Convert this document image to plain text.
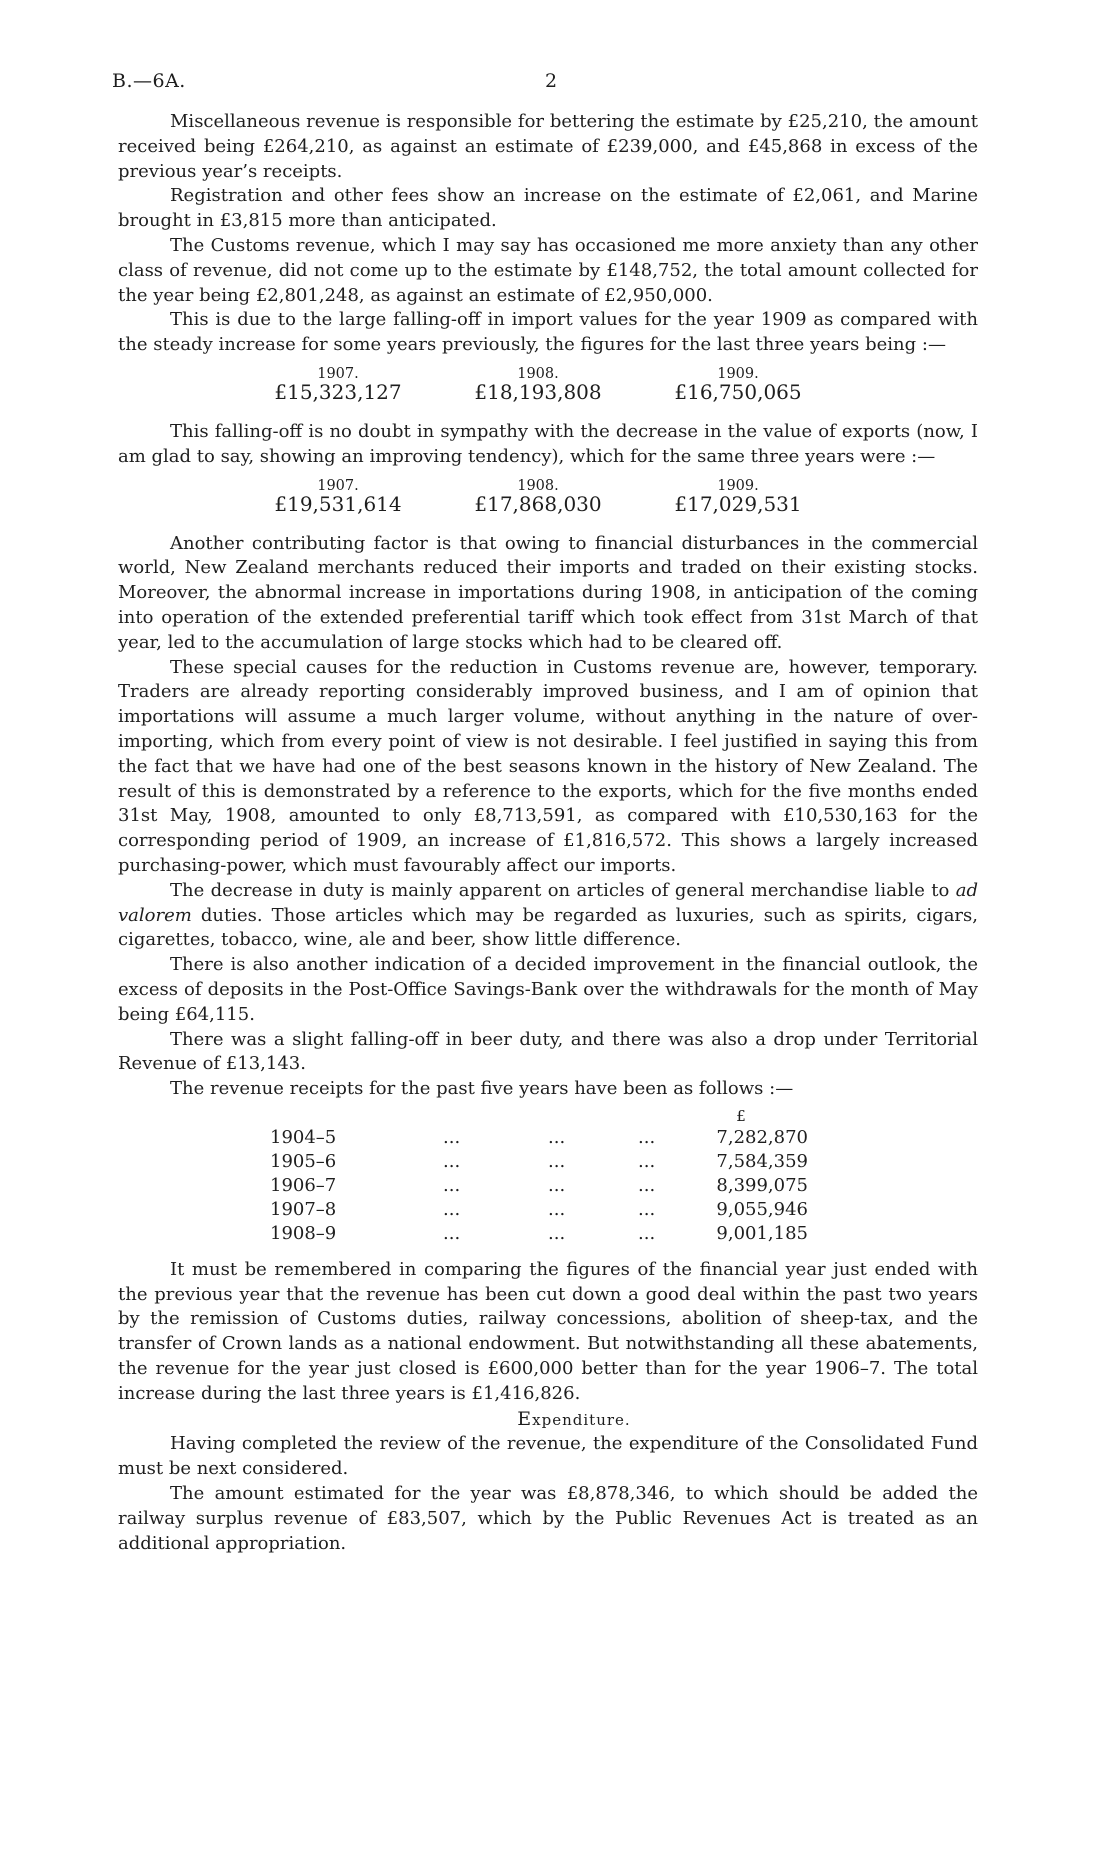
B.—6A.	2

Miscellaneous revenue is responsible for bettering the estimate by £25,210, the amount received being £264,210, as against an estimate of £239,000, and £45,868 in excess of the previous year’s receipts.

Registration and other fees show an increase on the estimate of £2,061, and Marine brought in £3,815 more than anticipated.

The Customs revenue, which I may say has occasioned me more anxiety than any other class of revenue, did not come up to the estimate by £148,752, the total amount collected for the year being £2,801,248, as against an estimate of £2,950,000.

This is due to the large falling-off in import values for the year 1909 as compared with the steady increase for some years previously, the figures for the last three years being :—

1907.	1908.	1909.
£15,323,127	£18,193,808	£16,750,065

This falling-off is no doubt in sympathy with the decrease in the value of exports (now, I am glad to say, showing an improving tendency), which for the same three years were :—

1907.	1908.	1909.
£19,531,614	£17,868,030	£17,029,531

Another contributing factor is that owing to financial disturbances in the commercial world, New Zealand merchants reduced their imports and traded on their existing stocks. Moreover, the abnormal increase in importations during 1908, in anticipation of the coming into operation of the extended preferential tariff which took effect from 31st March of that year, led to the accumulation of large stocks which had to be cleared off.

These special causes for the reduction in Customs revenue are, however, temporary. Traders are already reporting considerably improved business, and I am of opinion that importations will assume a much larger volume, without anything in the nature of over-importing, which from every point of view is not desirable. I feel justified in saying this from the fact that we have had one of the best seasons known in the history of New Zealand. The result of this is demonstrated by a reference to the exports, which for the five months ended 31st May, 1908, amounted to only £8,713,591, as compared with £10,530,163 for the corresponding period of 1909, an increase of £1,816,572. This shows a largely increased purchasing-power, which must favourably affect our imports.

The decrease in duty is mainly apparent on articles of general merchandise liable to ad valorem duties. Those articles which may be regarded as luxuries, such as spirits, cigars, cigarettes, tobacco, wine, ale and beer, show little difference.

There is also another indication of a decided improvement in the financial outlook, the excess of deposits in the Post-Office Savings-Bank over the withdrawals for the month of May being £64,115.

There was a slight falling-off in beer duty, and there was also a drop under Territorial Revenue of £13,143.

The revenue receipts for the past five years have been as follows :—

£
1904–5	...	...	...	7,282,870
1905–6	...	...	...	7,584,359
1906–7	...	...	...	8,399,075
1907–8	...	...	...	9,055,946
1908–9	...	...	...	9,001,185

It must be remembered in comparing the figures of the financial year just ended with the previous year that the revenue has been cut down a good deal within the past two years by the remission of Customs duties, railway concessions, abolition of sheep-tax, and the transfer of Crown lands as a national endowment. But notwithstanding all these abatements, the revenue for the year just closed is £600,000 better than for the year 1906–7. The total increase during the last three years is £1,416,826.

Expenditure.

Having completed the review of the revenue, the expenditure of the Consolidated Fund must be next considered.

The amount estimated for the year was £8,878,346, to which should be added the railway surplus revenue of £83,507, which by the Public Revenues Act is treated as an additional appropriation.
